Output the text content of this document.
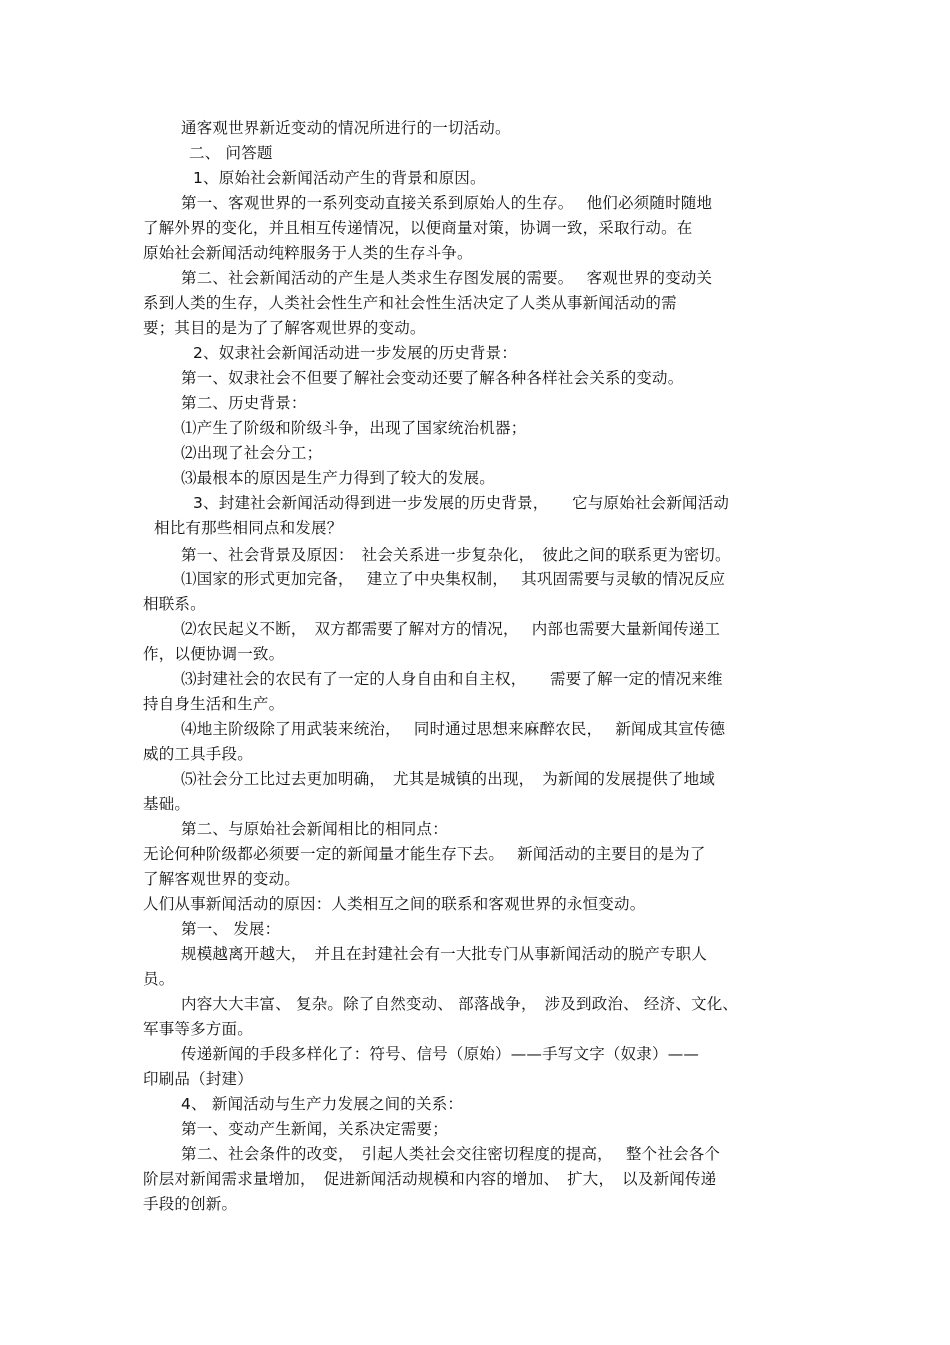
通客观世界新近变动的情况所进行的一切活动。
二、 问答题
1、原始社会新闻活动产生的背景和原因。
第一、客观世界的一系列变动直接关系到原始人的生存。　 他们必须随时随地
了解外界的变化，并且相互传递情况，以便商量对策，协调一致，采取行动。在
原始社会新闻活动纯粹服务于人类的生存斗争。
第二、社会新闻活动的产生是人类求生存图发展的需要。　 客观世界的变动关
系到人类的生存，人类社会性生产和社会性生活决定了人类从事新闻活动的需
要；其目的是为了了解客观世界的变动。
2、奴隶社会新闻活动进一步发展的历史背景：
第一、奴隶社会不但要了解社会变动还要了解各种各样社会关系的变动。
第二、历史背景：
⑴产生了阶级和阶级斗争，出现了国家统治机器；
⑵出现了社会分工；
⑶最根本的原因是生产力得到了较大的发展。
3、封建社会新闻活动得到进一步发展的历史背景，　　它与原始社会新闻活动
相比有那些相同点和发展？
第一、社会背景及原因：　社会关系进一步复杂化，　彼此之间的联系更为密切。
⑴国家的形式更加完备，　 建立了中央集权制，　 其巩固需要与灵敏的情况反应
相联系。
⑵农民起义不断，　双方都需要了解对方的情况，　 内部也需要大量新闻传递工
作，以便协调一致。
⑶封建社会的农民有了一定的人身自由和自主权，　　需要了解一定的情况来维
持自身生活和生产。
⑷地主阶级除了用武装来统治，　 同时通过思想来麻醉农民，　 新闻成其宣传德
威的工具手段。
⑸社会分工比过去更加明确，　尤其是城镇的出现，　为新闻的发展提供了地域
基础。
第二、与原始社会新闻相比的相同点：
无论何种阶级都必须要一定的新闻量才能生存下去。　 新闻活动的主要目的是为了
了解客观世界的变动。
人们从事新闻活动的原因：人类相互之间的联系和客观世界的永恒变动。
第一、 发展：
规模越离开越大，　并且在封建社会有一大批专门从事新闻活动的脱产专职人
员。
内容大大丰富、 复杂。除了自然变动、 部落战争，　涉及到政治、 经济、文化、
军事等多方面。
传递新闻的手段多样化了：符号、信号（原始）——手写文字（奴隶）——
印刷品（封建）
4、 新闻活动与生产力发展之间的关系：
第一、变动产生新闻，关系决定需要；
第二、社会条件的改变，　引起人类社会交往密切程度的提高，　 整个社会各个
阶层对新闻需求量增加，　促进新闻活动规模和内容的增加、　扩大，　以及新闻传递
手段的创新。
